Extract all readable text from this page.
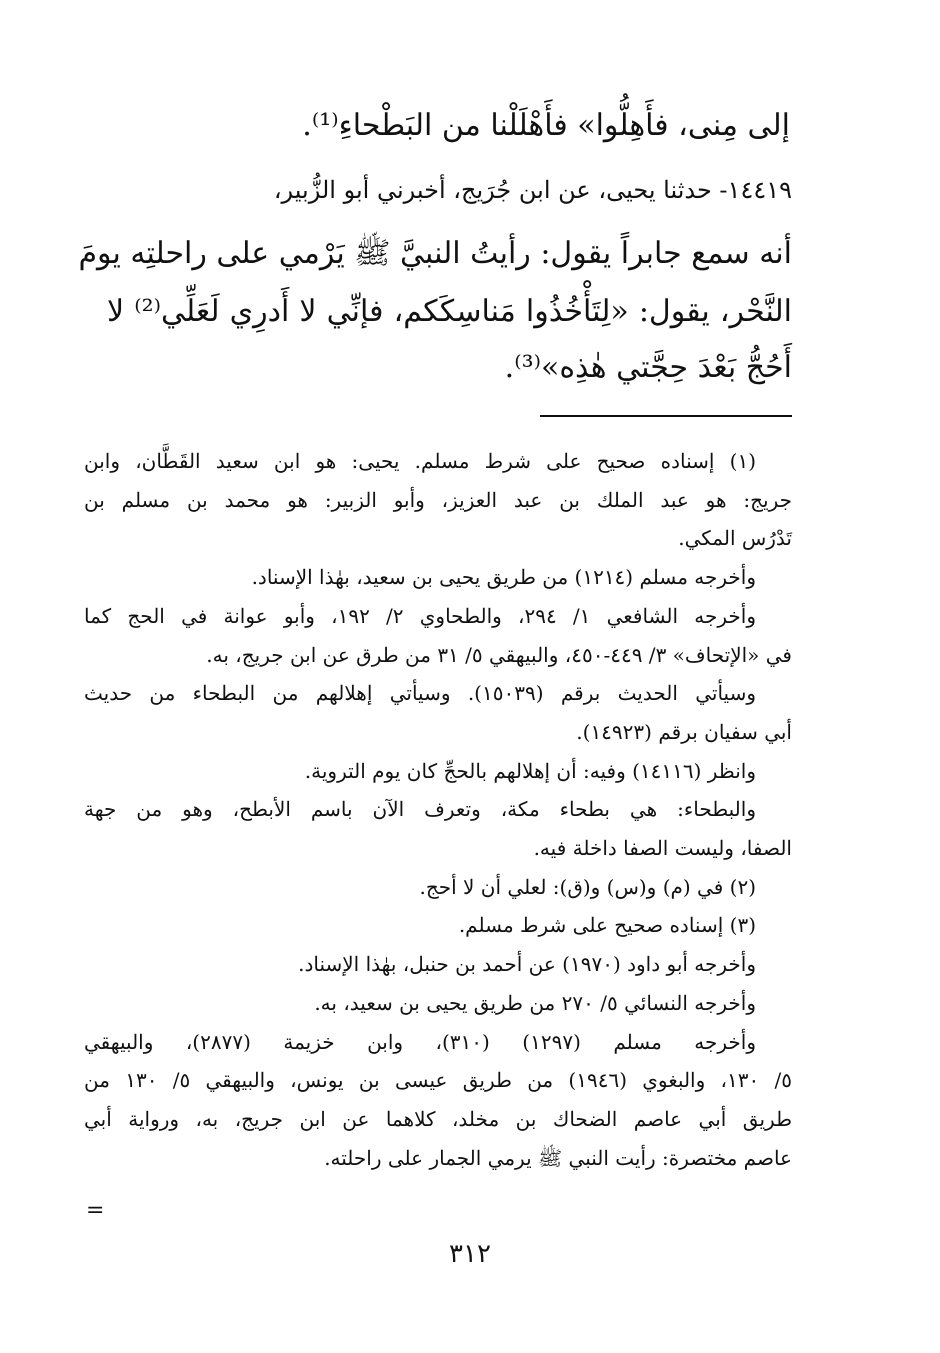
إلى مِنى، فأَهِلُّوا» فأَهْلَلْنا من البَطْحاءِ⁽¹⁾.
١٤٤١٩- حدثنا يحيى، عن ابن جُرَيج، أخبرني أبو الزُّبير،
أنه سمع جابراً يقول: رأيتُ النبيَّ ﷺ يَرْمي على راحلتِه يومَ
النَّحْر، يقول: «لِتَأْخُذُوا مَناسِكَكم، فإنِّي لا أَدرِي لَعَلِّي⁽²⁾ لا
أَحُجُّ بَعْدَ حِجَّتي هٰذِه»⁽³⁾.
(١) إسناده صحيح على شرط مسلم. يحيى: هو ابن سعيد القَطَّان، وابن
جريج: هو عبد الملك بن عبد العزيز، وأبو الزبير: هو محمد بن مسلم بن
تَدْرُس المكي.
وأخرجه مسلم (١٢١٤) من طريق يحيى بن سعيد، بهٰذا الإسناد.
وأخرجه الشافعي ١/ ٢٩٤، والطحاوي ٢/ ١٩٢، وأبو عوانة في الحج كما
في «الإتحاف» ٣/ ٤٤٩-٤٥٠، والبيهقي ٥/ ٣١ من طرق عن ابن جريج، به.
وسيأتي الحديث برقم (١٥٠٣٩). وسيأتي إهلالهم من البطحاء من حديث
أبي سفيان برقم (١٤٩٢٣).
وانظر (١٤١١٦) وفيه: أن إهلالهم بالحجِّ كان يوم التروية.
والبطحاء: هي بطحاء مكة، وتعرف الآن باسم الأبطح، وهو من جهة
الصفا، وليست الصفا داخلة فيه.
(٢) في (م) و(س) و(ق): لعلي أن لا أحج.
(٣) إسناده صحيح على شرط مسلم.
وأخرجه أبو داود (١٩٧٠) عن أحمد بن حنبل، بهٰذا الإسناد.
وأخرجه النسائي ٥/ ٢٧٠ من طريق يحيى بن سعيد، به.
وأخرجه مسلم (١٢٩٧) (٣١٠)، وابن خزيمة (٢٨٧٧)، والبيهقي
٥/ ١٣٠، والبغوي (١٩٤٦) من طريق عيسى بن يونس، والبيهقي ٥/ ١٣٠ من
طريق أبي عاصم الضحاك بن مخلد، كلاهما عن ابن جريج، به، ورواية أبي
عاصم مختصرة: رأيت النبي ﷺ يرمي الجمار على راحلته.
=
٣١٢
